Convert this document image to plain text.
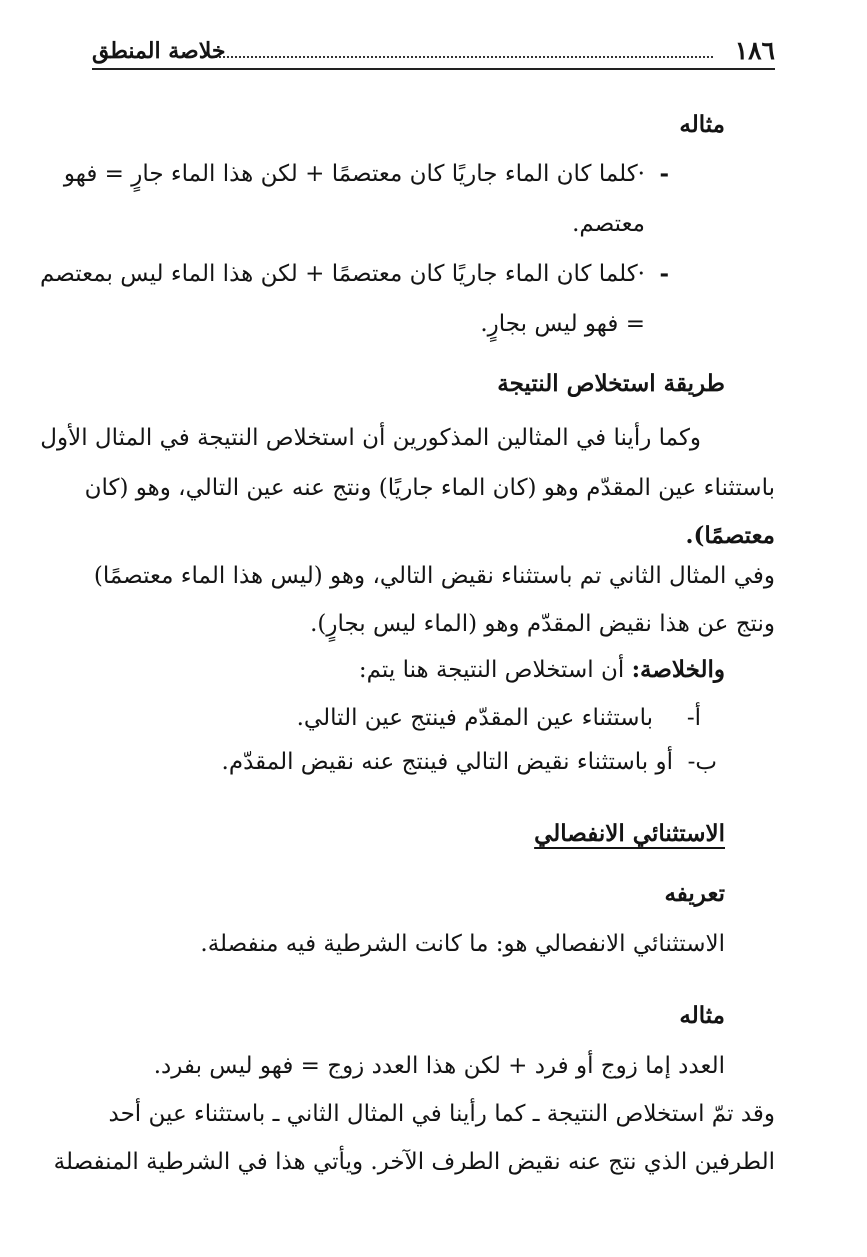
١٨٦
خلاصة المنطق
مثاله
-
·كلما كان الماء جاريًا كان معتصمًا + لكن هذا الماء جارٍ = فهو
معتصم.
-
·كلما كان الماء جاريًا كان معتصمًا + لكن هذا الماء ليس بمعتصم
= فهو ليس بجارٍ.
طريقة استخلاص النتيجة
وكما رأينا في المثالين المذكورين أن استخلاص النتيجة في المثال الأول
باستثناء عين المقدّم وهو (كان الماء جاريًا) ونتج عنه عين التالي، وهو (كان
معتصمًا).
وفي المثال الثاني تم باستثناء نقيض التالي، وهو (ليس هذا الماء معتصمًا)
ونتج عن هذا نقيض المقدّم وهو (الماء ليس بجارٍ).
والخلاصة: أن استخلاص النتيجة هنا يتم:
أ-
باستثناء عين المقدّم فينتج عين التالي.
ب-
أو باستثناء نقيض التالي فينتج عنه نقيض المقدّم.
الاستثنائي الانفصالي
تعريفه
الاستثنائي الانفصالي هو: ما كانت الشرطية فيه منفصلة.
مثاله
العدد إما زوج أو فرد + لكن هذا العدد زوج = فهو ليس بفرد.
وقد تمّ استخلاص النتيجة ـ كما رأينا في المثال الثاني ـ باستثناء عين أحد
الطرفين الذي نتج عنه نقيض الطرف الآخر. ويأتي هذا في الشرطية المنفصلة
